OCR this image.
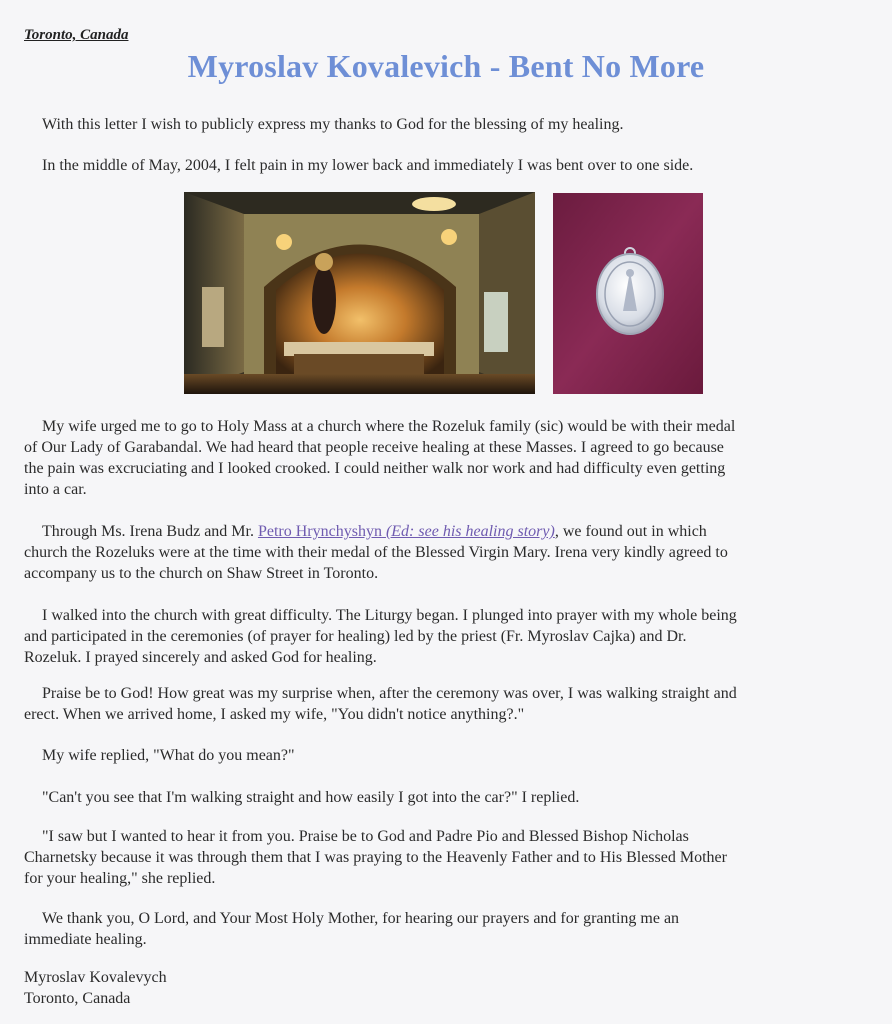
Toronto, Canada
Myroslav Kovalevich - Bent No More
With this letter I wish to publicly express my thanks to God for the blessing of my healing.
In the middle of May, 2004, I felt pain in my lower back and immediately I was bent over to one side.
My wife urged me to go to Holy Mass at a church where the Rozeluk family (sic) would be with their medal
of Our Lady of Garabandal. We had heard that people receive healing at these Masses. I agreed to go because
the pain was excruciating and I looked crooked. I could neither walk nor work and had difficulty even getting
into a car.
Through Ms. Irena Budz and Mr. Petro Hrynchyshyn (Ed: see his healing story), we found out in which
church the Rozeluks were at the time with their medal of the Blessed Virgin Mary. Irena very kindly agreed to
accompany us to the church on Shaw Street in Toronto.
I walked into the church with great difficulty. The Liturgy began. I plunged into prayer with my whole being
and participated in the ceremonies (of prayer for healing) led by the priest (Fr. Myroslav Cajka) and Dr.
Rozeluk. I prayed sincerely and asked God for healing.
Praise be to God! How great was my surprise when, after the ceremony was over, I was walking straight and
erect. When we arrived home, I asked my wife, "You didn't notice anything?."
My wife replied, "What do you mean?"
"Can't you see that I'm walking straight and how easily I got into the car?" I replied.
"I saw but I wanted to hear it from you. Praise be to God and Padre Pio and Blessed Bishop Nicholas
Charnetsky because it was through them that I was praying to the Heavenly Father and to His Blessed Mother
for your healing," she replied.
We thank you, O Lord, and Your Most Holy Mother, for hearing our prayers and for granting me an
immediate healing.
Myroslav Kovalevych
Toronto, Canada
